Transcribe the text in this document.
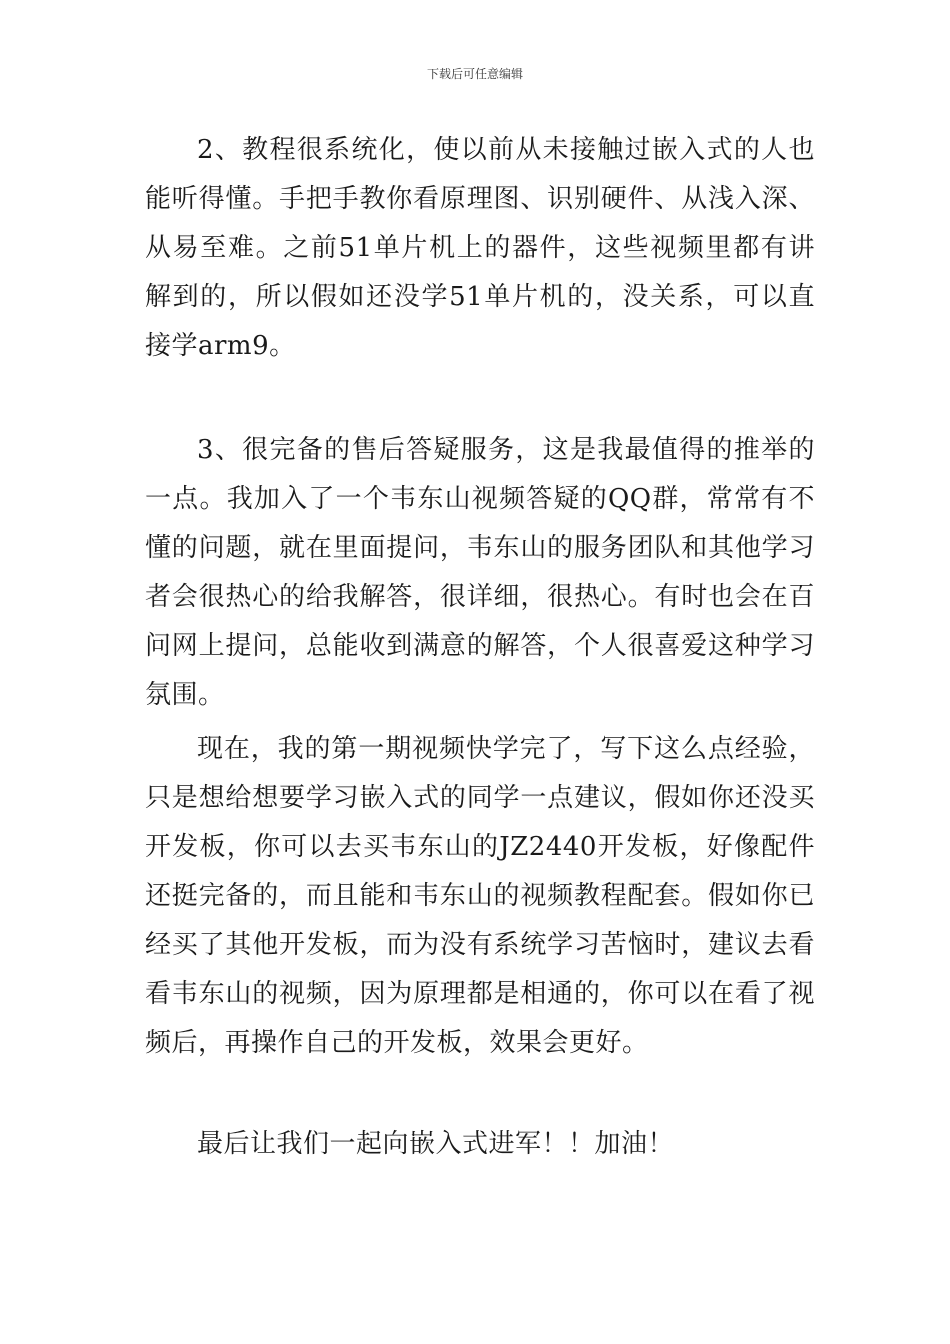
下载后可任意编辑

2、教程很系统化，使以前从未接触过嵌入式的人也能听得懂。手把手教你看原理图、识别硬件、从浅入深、从易至难。之前51单片机上的器件，这些视频里都有讲解到的，所以假如还没学51单片机的，没关系，可以直接学arm9。

3、很完备的售后答疑服务，这是我最值得的推举的一点。我加入了一个韦东山视频答疑的QQ群，常常有不懂的问题，就在里面提问，韦东山的服务团队和其他学习者会很热心的给我解答，很详细，很热心。有时也会在百问网上提问，总能收到满意的解答，个人很喜爱这种学习氛围。

现在，我的第一期视频快学完了，写下这么点经验，只是想给想要学习嵌入式的同学一点建议，假如你还没买开发板，你可以去买韦东山的JZ2440开发板，好像配件还挺完备的，而且能和韦东山的视频教程配套。假如你已经买了其他开发板，而为没有系统学习苦恼时，建议去看看韦东山的视频，因为原理都是相通的，你可以在看了视频后，再操作自己的开发板，效果会更好。

最后让我们一起向嵌入式进军！！加油！
